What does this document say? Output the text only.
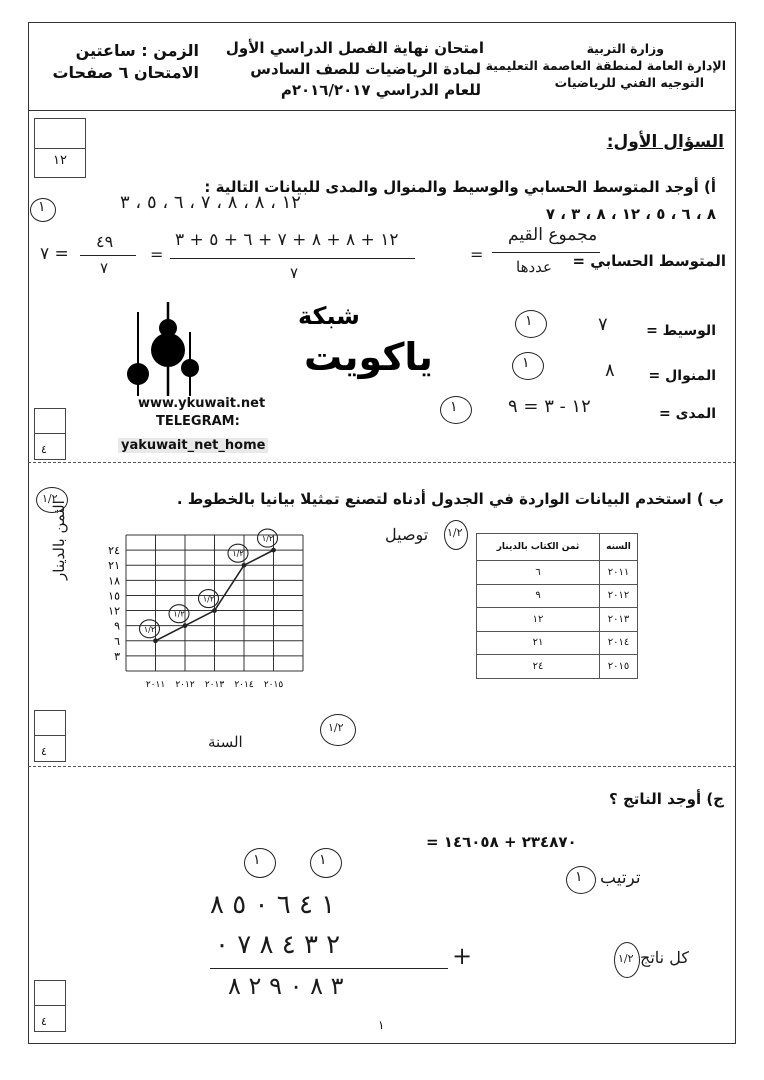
وزارة التربية
الإدارة العامة لمنطقة العاصمة التعليمية
التوجيه الفني للرياضيات
امتحان نهاية الفصل الدراسي الأول
لمادة الرياضيات للصف السادس
للعام الدراسي ٢٠١٦/٢٠١٧م
الزمن : ساعتين
الامتحان ٦ صفحات
١٢
السؤال الأول:
أ) أوجد المتوسط الحسابي والوسيط والمنوال والمدى للبيانات التالية :
١٢ ، ٨ ، ٨ ، ٧ ، ٦ ، ٥ ، ٣
١	٨ ، ٦ ، ٥ ، ١٢ ، ٨ ، ٣ ، ٧
المتوسط الحسابي =
مجموع القيم
عددها
=
١٢ + ٨ + ٨ + ٧ + ٦ + ٥ + ٣
٧
=
٤٩
٧
٧ =
الوسيط =
٧
١
المنوال =
٨
١
المدى =
١٢ - ٣ = ٩
١
شبكة
ياكويت
www.ykuwait.net
TELEGRAM:
yakuwait_net_home
٤
ب ) استخدم البيانات الواردة في الجدول أدناه لتصنع تمثيلا بيانيا بالخطوط .
ثمن الكتاب بالدينار	السنه
٦	٢٠١١
٩	٢٠١٢
١٢	٢٠١٣
٢١	٢٠١٤
٢٤	٢٠١٥
توصيل ١/٢
١/٢
٢٤
٢١
١٨
١٥
١٢
٩
٦
٣
٢٠١١ ٢٠١٢ ٢٠١٣ ٢٠١٤ ٢٠١٥
١/٢
١/٢
١/٢
١/٢
١/٢
الثمن بالدينار
السنة
١/٢
٤
ج) أوجد الناتج ؟
= ٢٣٤٨٧٠ + ١٤٦٠٥٨
١	١
ترتيب
١
١ ٤ ٦ ٠ ٥ ٨
٢ ٣ ٤ ٨ ٧ ٠	+
٣ ٨ ٠ ٩ ٢ ٨
كل ناتج
١/٢
٤	١
